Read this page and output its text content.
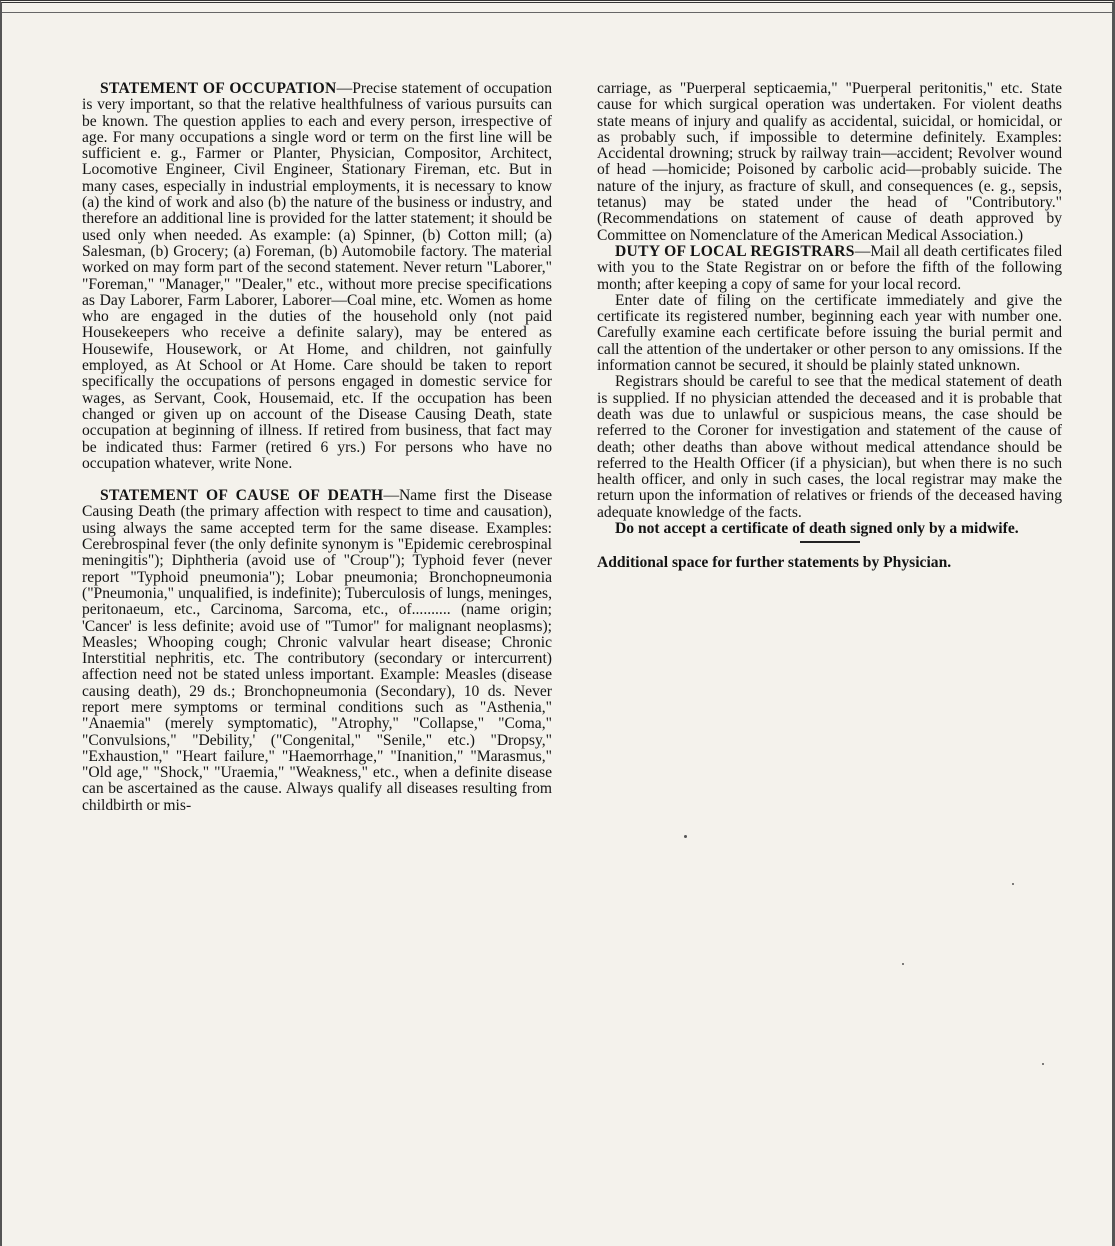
STATEMENT OF OCCUPATION—Precise statement of occupation is very important, so that the relative healthfulness of various pursuits can be known. The question applies to each and every person, irrespective of age. For many occupations a single word or term on the first line will be sufficient e. g., Farmer or Planter, Physician, Compositor, Architect, Locomotive Engineer, Civil Engineer, Stationary Fireman, etc. But in many cases, especially in industrial employments, it is necessary to know (a) the kind of work and also (b) the nature of the business or industry, and therefore an additional line is provided for the latter statement; it should be used only when needed. As example: (a) Spinner, (b) Cotton mill; (a) Salesman, (b) Grocery; (a) Foreman, (b) Automobile factory. The material worked on may form part of the second statement. Never return "Laborer," "Foreman," "Manager," "Dealer," etc., without more precise specifications as Day Laborer, Farm Laborer, Laborer—Coal mine, etc. Women as home who are engaged in the duties of the household only (not paid Housekeepers who receive a definite salary), may be entered as Housewife, Housework, or At Home, and children, not gainfully employed, as At School or At Home. Care should be taken to report specifically the occupations of persons engaged in domestic service for wages, as Servant, Cook, Housemaid, etc. If the occupation has been changed or given up on account of the Disease Causing Death, state occupation at beginning of illness. If retired from business, that fact may be indicated thus: Farmer (retired 6 yrs.) For persons who have no occupation whatever, write None.

STATEMENT OF CAUSE OF DEATH—Name first the Disease Causing Death (the primary affection with respect to time and causation), using always the same accepted term for the same disease. Examples: Cerebrospinal fever (the only definite synonym is "Epidemic cerebrospinal meningitis"); Diphtheria (avoid use of "Croup"); Typhoid fever (never report "Typhoid pneumonia"); Lobar pneumonia; Bronchopneumonia ("Pneumonia," unqualified, is indefinite); Tuberculosis of lungs, meninges, peritonaeum, etc., Carcinoma, Sarcoma, etc., of.......... (name origin; 'Cancer' is less definite; avoid use of "Tumor" for malignant neoplasms); Measles; Whooping cough; Chronic valvular heart disease; Chronic Interstitial nephritis, etc. The contributory (secondary or intercurrent) affection need not be stated unless important. Example: Measles (disease causing death), 29 ds.; Bronchopneumonia (Secondary), 10 ds. Never report mere symptoms or terminal conditions such as "Asthenia," "Anaemia" (merely symptomatic), "Atrophy," "Collapse," "Coma," "Convulsions," "Debility,' ("Congenital," "Senile," etc.) "Dropsy," "Exhaustion," "Heart failure," "Haemorrhage," "Inanition," "Marasmus," "Old age," "Shock," "Uraemia," "Weakness," etc., when a definite disease can be ascertained as the cause. Always qualify all diseases resulting from childbirth or mis-

carriage, as "Puerperal septicaemia," "Puerperal peritonitis," etc. State cause for which surgical operation was undertaken. For violent deaths state means of injury and qualify as accidental, suicidal, or homicidal, or as probably such, if impossible to determine definitely. Examples: Accidental drowning; struck by railway train—accident; Revolver wound of head —homicide; Poisoned by carbolic acid—probably suicide. The nature of the injury, as fracture of skull, and consequences (e. g., sepsis, tetanus) may be stated under the head of "Contributory." (Recommendations on statement of cause of death approved by Committee on Nomenclature of the American Medical Association.)

DUTY OF LOCAL REGISTRARS—Mail all death certificates filed with you to the State Registrar on or before the fifth of the following month; after keeping a copy of same for your local record.

Enter date of filing on the certificate immediately and give the certificate its registered number, beginning each year with number one. Carefully examine each certificate before issuing the burial permit and call the attention of the undertaker or other person to any omissions. If the information cannot be secured, it should be plainly stated unknown.

Registrars should be careful to see that the medical statement of death is supplied. If no physician attended the deceased and it is probable that death was due to unlawful or suspicious means, the case should be referred to the Coroner for investigation and statement of the cause of death; other deaths than above without medical attendance should be referred to the Health Officer (if a physician), but when there is no such health officer, and only in such cases, the local registrar may make the return upon the information of relatives or friends of the deceased having adequate knowledge of the facts.

Do not accept a certificate of death signed only by a midwife.

Additional space for further statements by Physician.
